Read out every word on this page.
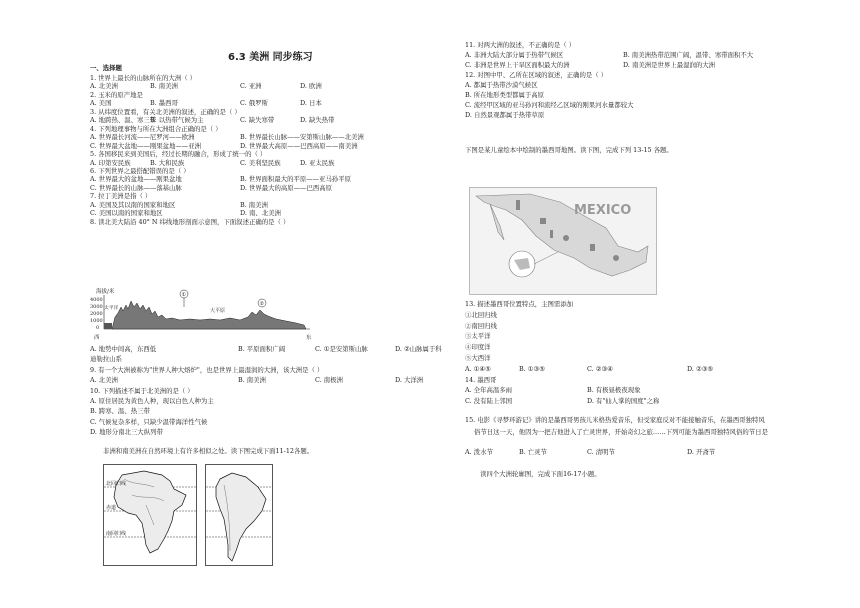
6.3 美洲 同步练习
一、选择题
1. 世界上最长的山脉所在的大洲（ ）
A. 北美洲	B. 南美洲	C. 亚洲	D. 欧洲
2. 玉米的原产地是
A. 美国	B. 墨西哥	C. 俄罗斯	D. 日本
3. 从纬度位置看，有关北美洲的叙述，正确的是（ ）
A. 地跨热、温、寒三带
B. 以热带气候为主	C. 缺失寒带	D. 缺失热带
4. 下列地理事物与所在大洲组合正确的是（ ）
A. 世界最长河流——尼罗河——欧洲	B. 世界最长山脉——安第斯山脉——北美洲
C. 世界最大盆地——刚果盆地——亚洲	D. 世界最大高原——巴西高原——南美洲
5. 各国移民来到美国后，经过长期的融合，形成了统一的（ ）
A. 印第安民族	B. 大和民族	C. 美利坚民族	D. 亚太民族
6. 下列世界之最搭配错误的是（ ）
A. 世界最大的盆地——刚果盆地	B. 世界面积最大的平原——亚马孙平原
C. 世界最长的山脉——落基山脉	D. 世界最大的高原——巴西高原
7. 拉丁美洲是指（ ）
A. 美国及其以南的国家和地区	B. 南美洲
C. 美国以南的国家和地区	D. 南、北美洲
8. 读北美大陆沿 40° N 纬线地形剖面示意图，下面叙述正确的是（ ）
海拔/米
4000
3000
2000
1000
0
太平洋
①
②
大平原
西	东
A. 地势中间高，东西低	B. 平原面积广阔	C. ①是安第斯山脉	D. ②山脉属于科
迪勒拉山系
9. 有一个大洲被称为"世界人种大熔炉"，也是世界上最湿润的大洲，该大洲是（ ）
A. 北美洲	B. 南美洲	C. 南极洲	D. 大洋洲
10. 下列描述不属于北美洲的是（ ）
A. 原住居民为黄色人种，现以白色人种为主
B. 跨寒、温、热三带
C. 气候复杂多样，只缺少温带海洋性气候
D. 地形分南北三大纵列带
非洲和南美洲在自然环境上有许多相似之处。读下图完成下面11-12各题。
北回归线
赤道
南回归线
11. 对两大洲的叙述，不正确的是（ ）
A. 非洲大陆大部分属于热带气候区	B. 南美洲热带范围广阔，温带、寒带面积不大
C. 非洲是世界上干旱区面积最大的洲	D. 南美洲是世界上最湿润的大洲
12. 对图中甲、乙所在区域的叙述，正确的是（ ）
A. 都属于热带沙漠气候区
B. 所在地形类型都属于高原
C. 流经甲区域的亚马孙河和流经乙区域的刚果河水量都较大
D. 自然景观都属于热带草原
下图是某儿童绘本中绘制的墨西哥地图。读下图，完成下列 13-15 各题。
MEXICO
13. 描述墨西哥位置特点，主图需添加
①北回归线
②南回归线
③太平洋
④印度洋
⑤大西洋
A. ①④⑤	B. ①③⑤	C. ②③④	D. ②③⑤
14. 墨西哥
A. 全年高温多雨	B. 有极昼极夜现象
C. 没有陆上邻国	D. 有"仙人掌的国度"之称
15. 电影《寻梦环游记》讲的是墨西哥男孩儿米格热爱音乐，但受家庭反对不能接触音乐，在墨西哥独特风
俗节日这一天，他因为一把吉他进入了亡灵世界，开始奇幻之旅……下列可能为墨西哥独特风俗的节日是
A. 泼水节	B. 亡灵节	C. 清明节	D. 开斋节
读四个大洲轮廓图，完成下面16-17小题。
